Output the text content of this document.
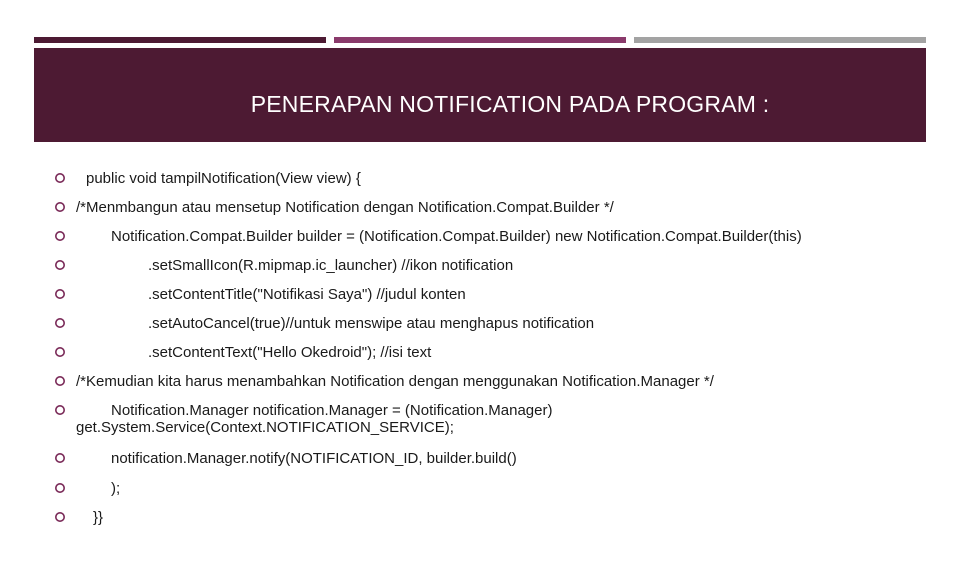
PENERAPAN NOTIFICATION PADA PROGRAM :

public void tampilNotification(View view) {

/*Menmbangun atau mensetup Notification dengan Notification.Compat.Builder */

Notification.Compat.Builder builder = (Notification.Compat.Builder) new Notification.Compat.Builder(this)

.setSmallIcon(R.mipmap.ic_launcher) //ikon notification

.setContentTitle("Notifikasi Saya") //judul konten

.setAutoCancel(true)//untuk menswipe atau menghapus notification

.setContentText("Hello Okedroid"); //isi text

/*Kemudian kita harus menambahkan Notification dengan menggunakan Notification.Manager */

Notification.Manager notification.Manager = (Notification.Manager) get.System.Service(Context.NOTIFICATION_SERVICE);

notification.Manager.notify(NOTIFICATION_ID, builder.build()

);

}}
